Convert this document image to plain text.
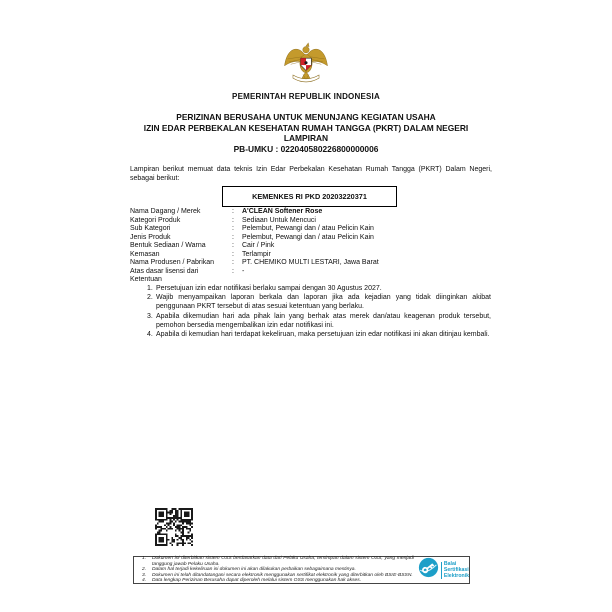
PEMERINTAH REPUBLIK INDONESIA
PERIZINAN BERUSAHA UNTUK MENUNJANG KEGIATAN USAHA
IZIN EDAR PERBEKALAN KESEHATAN RUMAH TANGGA (PKRT) DALAM NEGERI
LAMPIRAN
PB-UMKU : 022040580226800000006

Lampiran berikut memuat data teknis Izin Edar Perbekalan Kesehatan Rumah Tangga (PKRT) Dalam Negeri, sebagai berikut:

KEMENKES RI PKD 20203220371
Nama Dagang / Merek	:	A'CLEAN Softener Rose
Kategori Produk	:	Sediaan Untuk Mencuci
Sub Kategori	:	Pelembut, Pewangi dan / atau Pelicin Kain
Jenis Produk	:	Pelembut, Pewangi dan / atau Pelicin Kain
Bentuk Sediaan / Warna	:	Cair / Pink
Kemasan	:	Terlampir
Nama Produsen / Pabrikan	:	PT. CHEMIKO MULTI LESTARI, Jawa Barat
Atas dasar lisensi dari	:	-
Ketentuan
1. Persetujuan izin edar notifikasi berlaku sampai dengan 30 Agustus 2027.
2. Wajib menyampaikan laporan berkala dan laporan jika ada kejadian yang tidak diinginkan akibat penggunaan PKRT tersebut di atas sesuai ketentuan yang berlaku.
3. Apabila dikemudian hari ada pihak lain yang berhak atas merek dan/atau keagenan produk tersebut, pemohon bersedia mengembalikan izin edar notifikasi ini.
4. Apabila di kemudian hari terdapat kekeliruan, maka persetujuan izin edar notifikasi ini akan ditinjau kembali.
1. Dokumen ini diterbitkan sistem OSS berdasarkan data dari Pelaku Usaha, tersimpan dalam sistem OSS, yang menjadi tanggung jawab Pelaku Usaha.
2. Dalam hal terjadi kekeliruan isi dokumen ini akan dilakukan perbaikan sebagaimana mestinya.
3. Dokumen ini telah ditandatangani secara elektronik menggunakan sertifikat elektronik yang diterbitkan oleh BSrE-BSSN.
4. Data lengkap Perizinan Berusaha dapat diperoleh melalui sistem OSS menggunakan hak akses.
Balai
Sertifikasi
Elektronik
